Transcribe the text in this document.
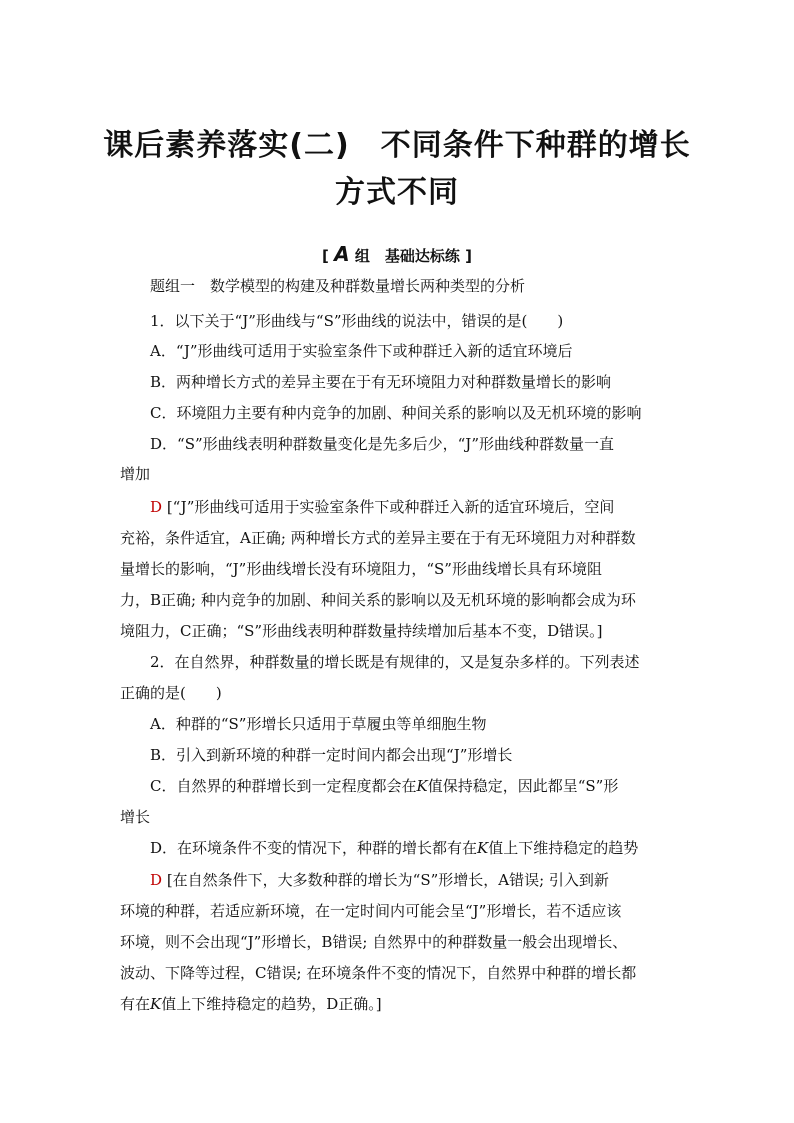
课后素养落实(二)　不同条件下种群的增长
方式不同
[ A 组　基础达标练 ]
题组一　数学模型的构建及种群数量增长两种类型的分析
1．以下关于“J”形曲线与“S”形曲线的说法中，错误的是(　　)
A．“J”形曲线可适用于实验室条件下或种群迁入新的适宜环境后
B．两种增长方式的差异主要在于有无环境阻力对种群数量增长的影响
C．环境阻力主要有种内竞争的加剧、种间关系的影响以及无机环境的影响
D．“S”形曲线表明种群数量变化是先多后少，“J”形曲线种群数量一直
增加
D [“J”形曲线可适用于实验室条件下或种群迁入新的适宜环境后，空间
充裕，条件适宜，A正确; 两种增长方式的差异主要在于有无环境阻力对种群数
量增长的影响，“J”形曲线增长没有环境阻力，“S”形曲线增长具有环境阻
力，B正确; 种内竞争的加剧、种间关系的影响以及无机环境的影响都会成为环
境阻力，C正确；“S”形曲线表明种群数量持续增加后基本不变，D错误。]
2．在自然界，种群数量的增长既是有规律的，又是复杂多样的。下列表述
正确的是(　　)
A．种群的“S”形增长只适用于草履虫等单细胞生物
B．引入到新环境的种群一定时间内都会出现“J”形增长
C．自然界的种群增长到一定程度都会在K值保持稳定，因此都呈“S”形
增长
D．在环境条件不变的情况下，种群的增长都有在K值上下维持稳定的趋势
D [在自然条件下，大多数种群的增长为“S”形增长，A错误; 引入到新
环境的种群，若适应新环境，在一定时间内可能会呈“J”形增长，若不适应该
环境，则不会出现“J”形增长，B错误; 自然界中的种群数量一般会出现增长、
波动、下降等过程，C错误; 在环境条件不变的情况下，自然界中种群的增长都
有在K值上下维持稳定的趋势，D正确。]
